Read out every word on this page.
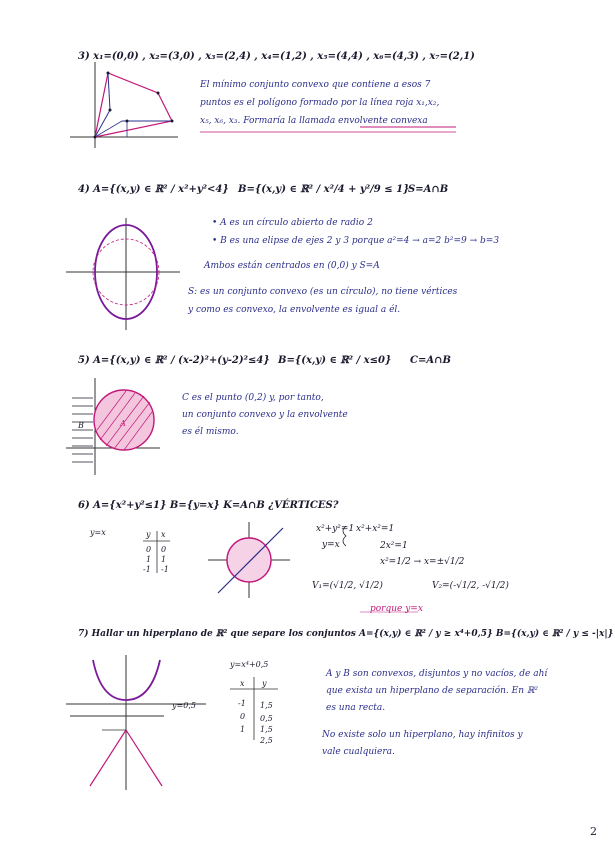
3) x₁=(0,0) , x₂=(3,0) , x₃=(2,4) , x₄=(1,2) , x₅=(4,4) , x₆=(4,3) , x₇=(2,1)
El mínimo conjunto convexo que contiene a esos 7
puntos es el polígono formado por la línea roja x₁,x₂,
x₅, x₆, x₃. Formaría la llamada envolvente convexa
4) A={(x,y) ∈ ℝ² / x²+y²<4} B={(x,y) ∈ ℝ² / x²/4 + y²/9 ≤ 1}
S=A∩B
• A es un círculo abierto de radio 2
• B es una elipse de ejes 2 y 3 porque a²=4 → a=2 b²=9 → b=3
Ambos están centrados en (0,0) y S=A
S: es un conjunto convexo (es un círculo), no tiene vértices
y como es convexo, la envolvente es igual a él.
5) A={(x,y) ∈ ℝ² / (x-2)²+(y-2)²≤4} B={(x,y) ∈ ℝ² / x≤0} C=A∩B
C es el punto (0,2) y, por tanto,
un conjunto convexo y la envolvente
es él mismo.
A
B
6) A={x²+y²≤1} B={y=x} K=A∩B ¿VÉRTICES?
y=x	y x
0 0
1 1
-1 -1
x²+y²=1
y=x
x²+x²=1
2x²=1
x²=1/2 → x=±√1/2
V₁=(√1/2, √1/2)	V₂=(-√1/2, -√1/2)
porque y=x
7) Hallar un hiperplano de ℝ² que separe los conjuntos A={(x,y) ∈ ℝ² / y ≥ x⁴+0,5} B={(x,y) ∈ ℝ² / y ≤ -|x|}
y=0,5
y=x⁴+0,5
x y
-1 1,5
0 0,5
1 1,5
2,5
A y B son convexos, disjuntos y no vacíos, de ahí
que exista un hiperplano de separación. En ℝ²
es una recta.
No existe solo un hiperplano, hay infinitos y
vale cualquiera.
2
